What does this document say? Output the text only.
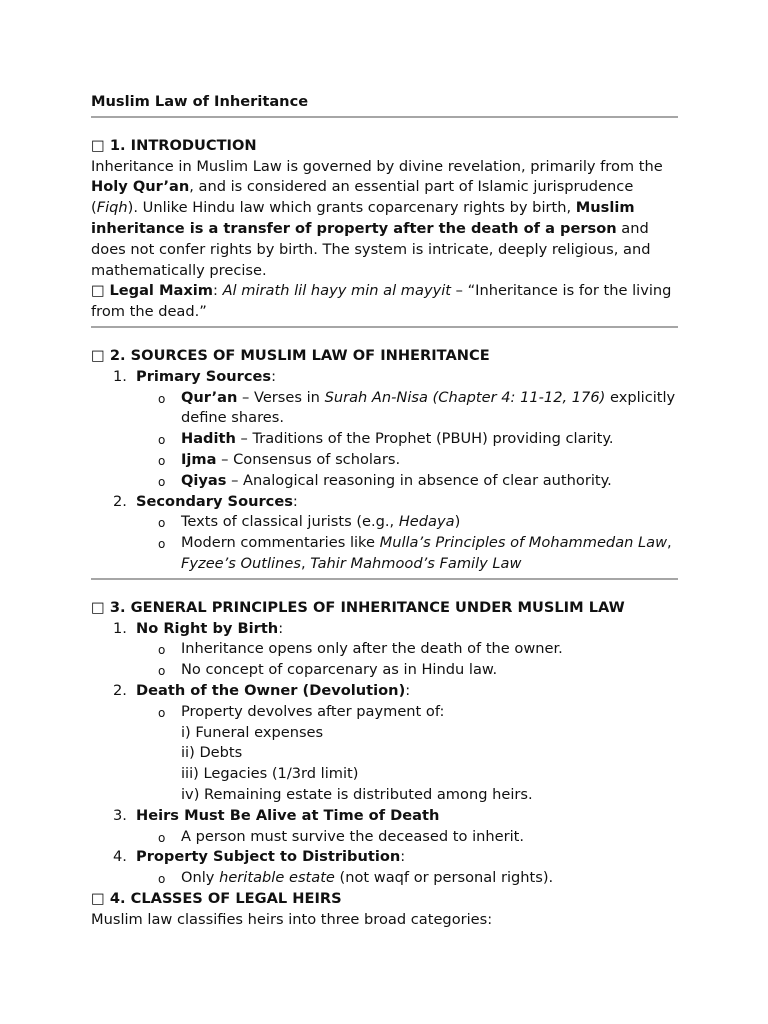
Muslim Law of Inheritance

□ 1. INTRODUCTION

Inheritance in Muslim Law is governed by divine revelation, primarily from the Holy Qur’an, and is considered an essential part of Islamic jurisprudence (Fiqh). Unlike Hindu law which grants coparcenary rights by birth, Muslim inheritance is a transfer of property after the death of a person and does not confer rights by birth. The system is intricate, deeply religious, and mathematically precise.

□ Legal Maxim: Al mirath lil hayy min al mayyit – “Inheritance is for the living from the dead.”

□ 2. SOURCES OF MUSLIM LAW OF INHERITANCE

1. Primary Sources:
o Qur’an – Verses in Surah An-Nisa (Chapter 4: 11-12, 176) explicitly define shares.
o Hadith – Traditions of the Prophet (PBUH) providing clarity.
o Ijma – Consensus of scholars.
o Qiyas – Analogical reasoning in absence of clear authority.
2. Secondary Sources:
o Texts of classical jurists (e.g., Hedaya)
o Modern commentaries like Mulla’s Principles of Mohammedan Law, Fyzee’s Outlines, Tahir Mahmood’s Family Law

□ 3. GENERAL PRINCIPLES OF INHERITANCE UNDER MUSLIM LAW

1. No Right by Birth:
o Inheritance opens only after the death of the owner.
o No concept of coparcenary as in Hindu law.
2. Death of the Owner (Devolution):
o Property devolves after payment of:
i) Funeral expenses
ii) Debts
iii) Legacies (1/3rd limit)
iv) Remaining estate is distributed among heirs.
3. Heirs Must Be Alive at Time of Death
o A person must survive the deceased to inherit.
4. Property Subject to Distribution:
o Only heritable estate (not waqf or personal rights).

□ 4. CLASSES OF LEGAL HEIRS

Muslim law classifies heirs into three broad categories:
